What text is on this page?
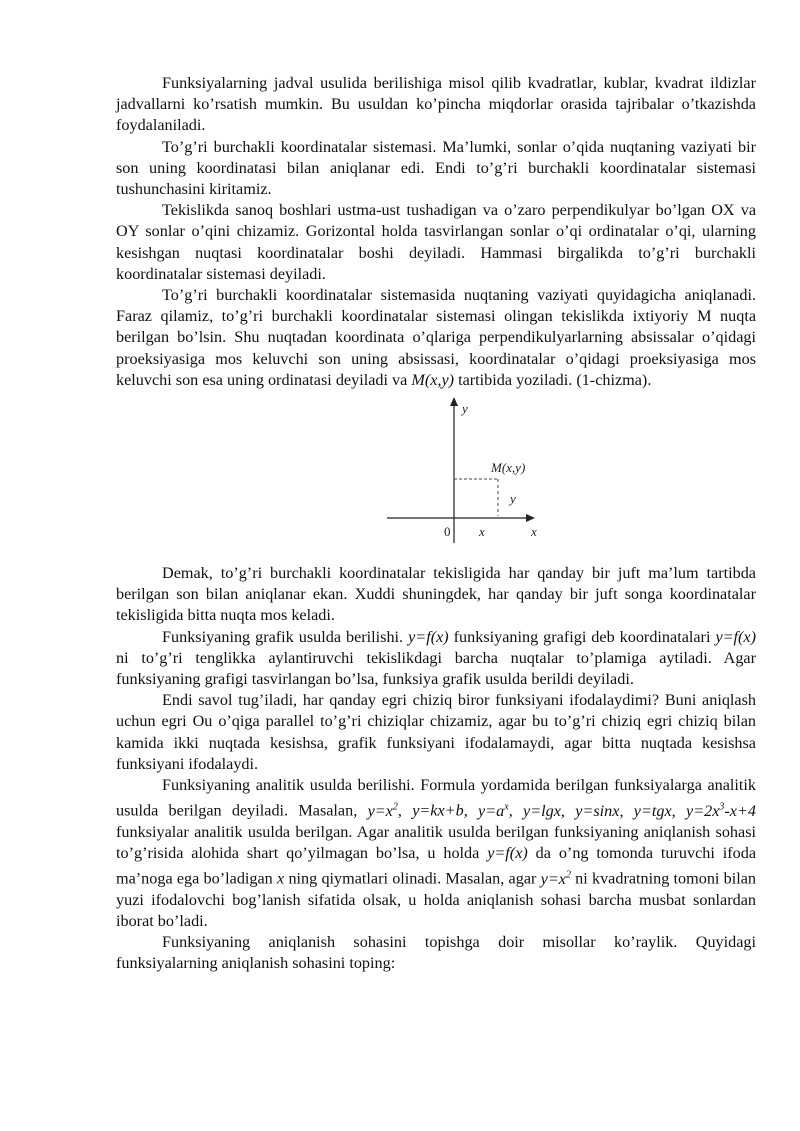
Funksiyalarning jadval usulida berilishiga misol qilib kvadratlar, kublar, kvadrat ildizlar jadvallarni ko’rsatish mumkin. Bu usuldan ko’pincha miqdorlar orasida tajribalar o’tkazishda foydalaniladi.

To’g’ri burchakli koordinatalar sistemasi. Ma’lumki, sonlar o’qida nuqtaning vaziyati bir son uning koordinatasi bilan aniqlanar edi. Endi to’g’ri burchakli koordinatalar sistemasi tushunchasini kiritamiz.

Tekislikda sanoq boshlari ustma-ust tushadigan va o’zaro perpendikulyar bo’lgan OX va OY sonlar o’qini chizamiz. Gorizontal holda tasvirlangan sonlar o’qi ordinatalar o’qi, ularning kesishgan nuqtasi koordinatalar boshi deyiladi. Hammasi birgalikda to’g’ri burchakli koordinatalar sistemasi deyiladi.

To’g’ri burchakli koordinatalar sistemasida nuqtaning vaziyati quyidagicha aniqlanadi. Faraz qilamiz, to’g’ri burchakli koordinatalar sistemasi olingan tekislikda ixtiyoriy M nuqta berilgan bo’lsin. Shu nuqtadan koordinata o’qlariga perpendikulyarlarning absissalar o’qidagi proeksiyasiga mos keluvchi son uning absissasi, koordinatalar o’qidagi proeksiyasiga mos keluvchi son esa uning ordinatasi deyiladi va M(x,y) tartibida yoziladi. (1-chizma).

y
x
0
M(x,y)
x
y

Demak, to’g’ri burchakli koordinatalar tekisligida har qanday bir juft ma’lum tartibda berilgan son bilan aniqlanar ekan. Xuddi shuningdek, har qanday bir juft songa koordinatalar tekisligida bitta nuqta mos keladi.

Funksiyaning grafik usulda berilishi. y=f(x) funksiyaning grafigi deb koordinatalari y=f(x) ni to’g’ri tenglikka aylantiruvchi tekislikdagi barcha nuqtalar to’plamiga aytiladi. Agar funksiyaning grafigi tasvirlangan bo’lsa, funksiya grafik usulda berildi deyiladi.

Endi savol tug’iladi, har qanday egri chiziq biror funksiyani ifodalaydimi? Buni aniqlash uchun egri Ou o’qiga parallel to’g’ri chiziqlar chizamiz, agar bu to’g’ri chiziq egri chiziq bilan kamida ikki nuqtada kesishsa, grafik funksiyani ifodalamaydi, agar bitta nuqtada kesishsa funksiyani ifodalaydi.

Funksiyaning analitik usulda berilishi. Formula yordamida berilgan funksiyalarga analitik usulda berilgan deyiladi. Masalan, $y=x^2$, y=kx+b, $y=a^x$, y=lgx, y=sinx, y=tgx, $y=2x^3-x+4$ funksiyalar analitik usulda berilgan. Agar analitik usulda berilgan funksiyaning aniqlanish sohasi to’g’risida alohida shart qo’yilmagan bo’lsa, u holda y=f(x) da o’ng tomonda turuvchi ifoda ma’noga ega bo’ladigan x ning qiymatlari olinadi. Masalan, agar $y=x^2$ ni kvadratning tomoni bilan yuzi ifodalovchi bog’lanish sifatida olsak, u holda aniqlanish sohasi barcha musbat sonlardan iborat bo’ladi.

Funksiyaning aniqlanish sohasini topishga doir misollar ko’raylik. Quyidagi funksiyalarning aniqlanish sohasini toping:
